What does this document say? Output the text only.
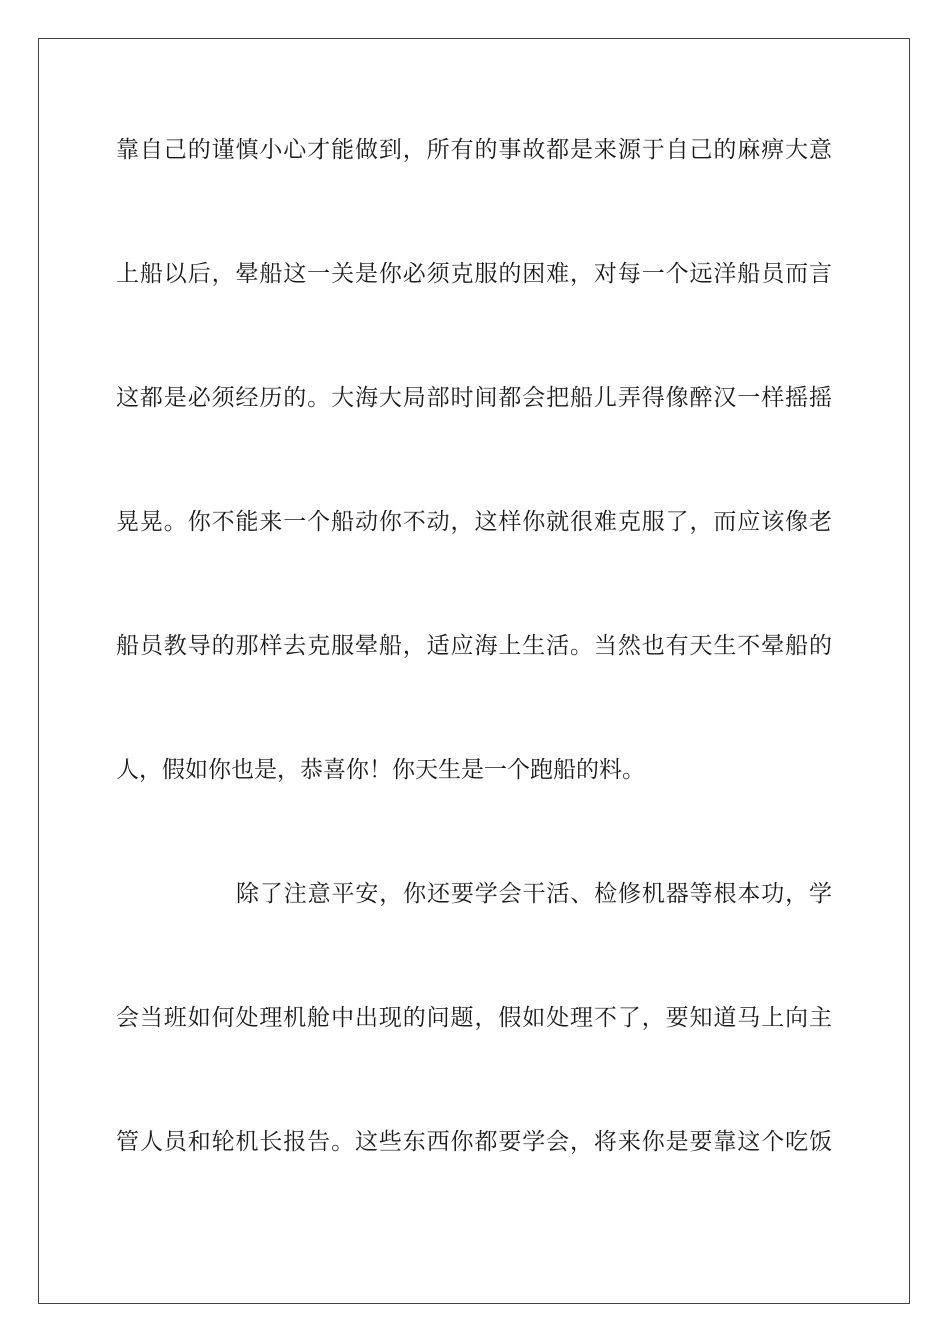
靠自己的谨慎小心才能做到，所有的事故都是来源于自己的麻痹大意
上船以后，晕船这一关是你必须克服的困难，对每一个远洋船员而言
这都是必须经历的。大海大局部时间都会把船儿弄得像醉汉一样摇摇
晃晃。你不能来一个船动你不动，这样你就很难克服了，而应该像老
船员教导的那样去克服晕船，适应海上生活。当然也有天生不晕船的
人，假如你也是，恭喜你！你天生是一个跑船的料。
除了注意平安，你还要学会干活、检修机器等根本功，学
会当班如何处理机舱中出现的问题，假如处理不了，要知道马上向主
管人员和轮机长报告。这些东西你都要学会，将来你是要靠这个吃饭
